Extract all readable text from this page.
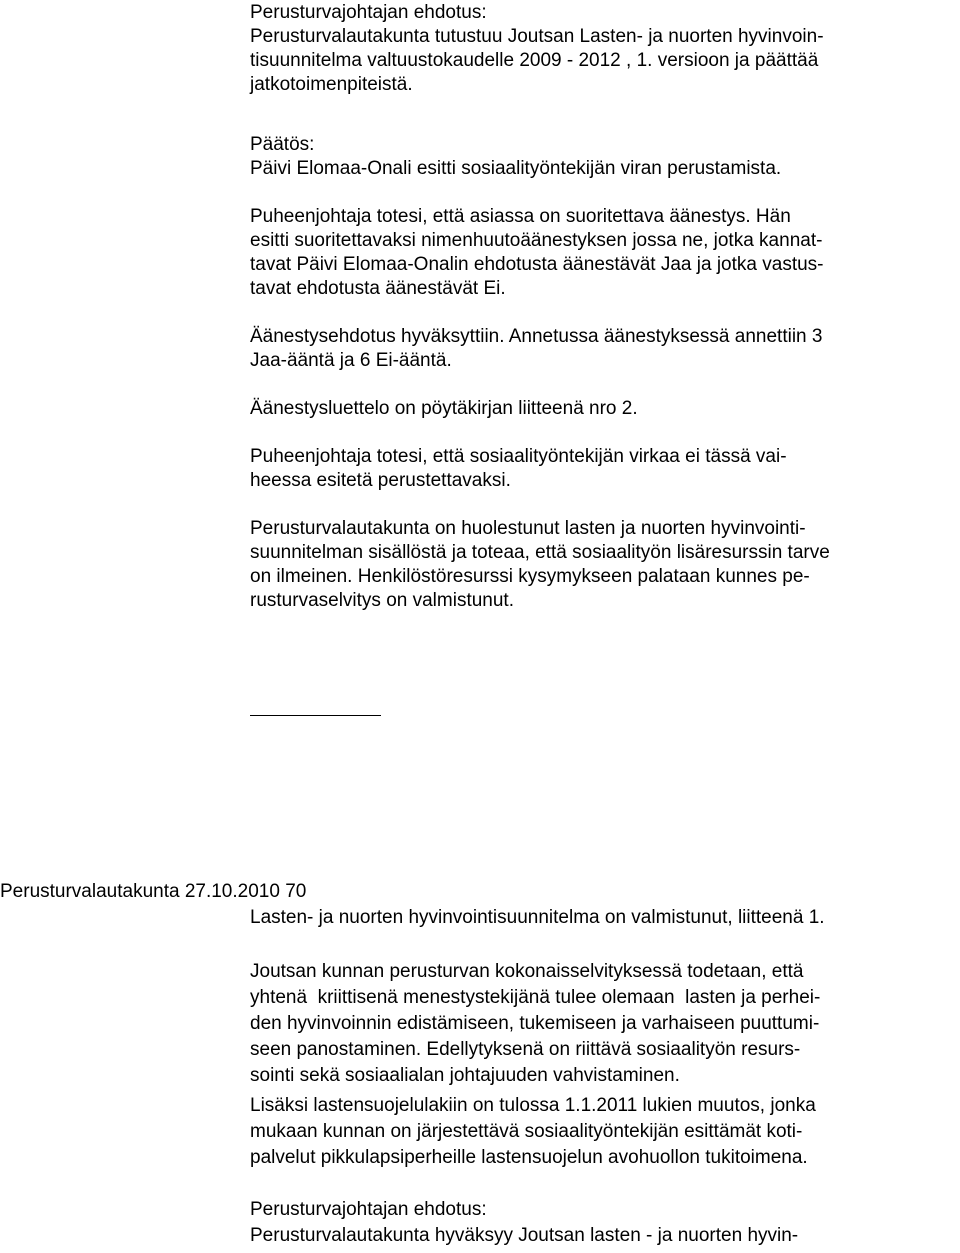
Perusturvajohtajan ehdotus:
Perusturvalautakunta tutustuu Joutsan Lasten- ja nuorten hyvinvoin-
tisuunnitelma valtuustokaudelle 2009 - 2012 , 1. versioon ja päättää
jatkotoimenpiteistä.
Päätös:
Päivi Elomaa-Onali esitti sosiaalityöntekijän viran perustamista.
Puheenjohtaja totesi, että asiassa on suoritettava äänestys. Hän
esitti suoritettavaksi nimenhuutoäänestyksen jossa ne, jotka kannat-
tavat Päivi Elomaa-Onalin ehdotusta äänestävät Jaa ja jotka vastus-
tavat ehdotusta äänestävät Ei.
Äänestysehdotus hyväksyttiin. Annetussa äänestyksessä annettiin 3
Jaa-ääntä ja 6 Ei-ääntä.
Äänestysluettelo on pöytäkirjan liitteenä nro 2.
Puheenjohtaja totesi, että sosiaalityöntekijän virkaa ei tässä vai-
heessa esitetä perustettavaksi.
Perusturvalautakunta on huolestunut lasten ja nuorten hyvinvointi-
suunnitelman sisällöstä ja toteaa, että sosiaalityön lisäresurssin tarve
on ilmeinen. Henkilöstöresurssi kysymykseen palataan kunnes pe-
rusturvaselvitys on valmistunut.
Perusturvalautakunta 27.10.2010 70
Lasten- ja nuorten hyvinvointisuunnitelma on valmistunut, liitteenä 1.
Joutsan kunnan perusturvan kokonaisselvityksessä todetaan, että
yhtenä  kriittisenä menestystekijänä tulee olemaan  lasten ja perhei-
den hyvinvoinnin edistämiseen, tukemiseen ja varhaiseen puuttumi-
seen panostaminen. Edellytyksenä on riittävä sosiaalityön resurs-
sointi sekä sosiaalialan johtajuuden vahvistaminen.
Lisäksi lastensuojelulakiin on tulossa 1.1.2011 lukien muutos, jonka
mukaan kunnan on järjestettävä sosiaalityöntekijän esittämät koti-
palvelut pikkulapsiperheille lastensuojelun avohuollon tukitoimena.
Perusturvajohtajan ehdotus:
Perusturvalautakunta hyväksyy Joutsan lasten - ja nuorten hyvin-
